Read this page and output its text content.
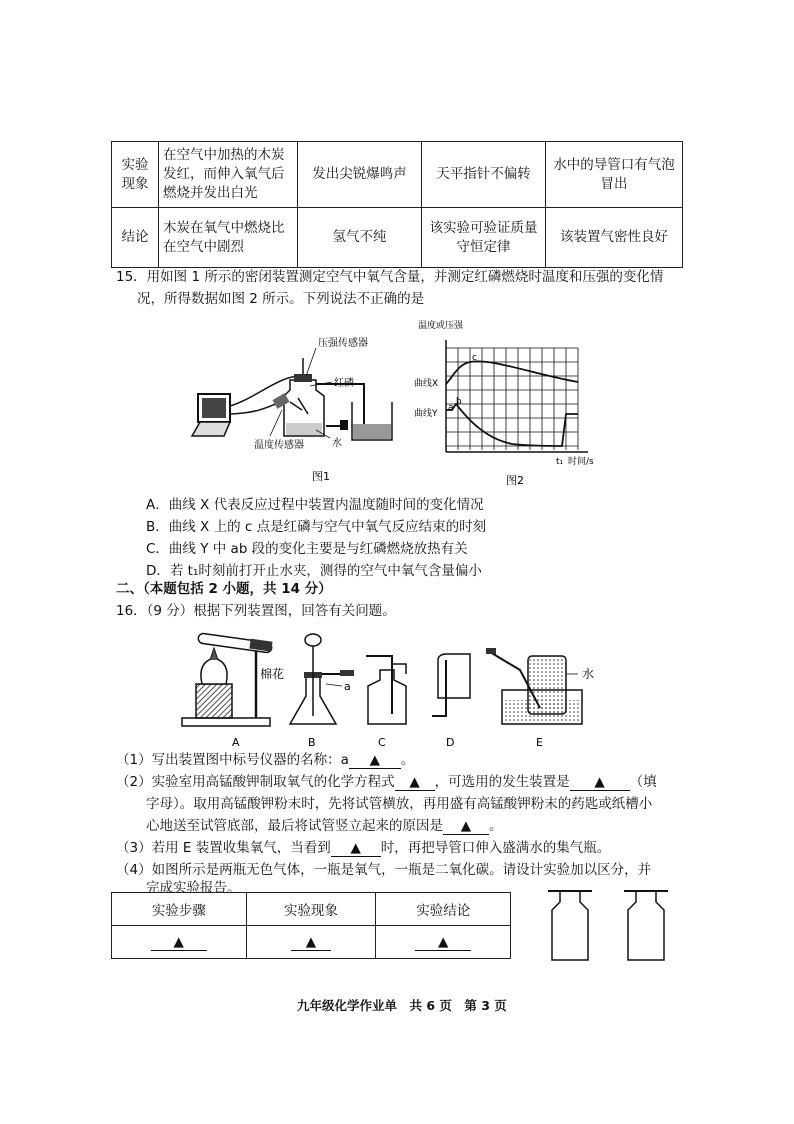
实验现象	在空气中加热的木炭发红，而伸入氧气后燃烧并发出白光	发出尖锐爆鸣声	天平指针不偏转	水中的导管口有气泡冒出
结论	木炭在氧气中燃烧比在空气中剧烈	氢气不纯	该实验可验证质量守恒定律	该装置气密性良好
15．用如图 1 所示的密闭装置测定空气中氧气含量，并测定红磷燃烧时温度和压强的变化情
况，所得数据如图 2 所示。下列说法不正确的是
压强传感器
红磷
水
温度传感器
图1
温度或压强
曲线X
曲线Y
c
a
b
t₁ 时间/s
图2
A．曲线 X 代表反应过程中装置内温度随时间的变化情况
B．曲线 X 上的 c 点是红磷与空气中氧气反应结束的时刻
C．曲线 Y 中 ab 段的变化主要是与红磷燃烧放热有关
D．若 t₁时刻前打开止水夹，测得的空气中氧气含量偏小
二、（本题包括 2 小题，共 14 分）
16．（9 分）根据下列装置图，回答有关问题。
棉花
a
水
A	B	C	D	E
（1）写出装置图中标号仪器的名称：a ▲ 。
（2）实验室用高锰酸钾制取氧气的化学方程式 ▲ ，可选用的发生装置是 ▲ （填
字母）。取用高锰酸钾粉末时，先将试管横放，再用盛有高锰酸钾粉末的药匙或纸槽小
心地送至试管底部，最后将试管竖立起来的原因是 ▲ 。
（3）若用 E 装置收集氧气，当看到 ▲ 时，再把导管口伸入盛满水的集气瓶。
（4）如图所示是两瓶无色气体，一瓶是氧气，一瓶是二氧化碳。请设计实验加以区分，并
完成实验报告。
实验步骤	实验现象	实验结论
▲	▲	▲
九年级化学作业单　共 6 页　第 3 页
